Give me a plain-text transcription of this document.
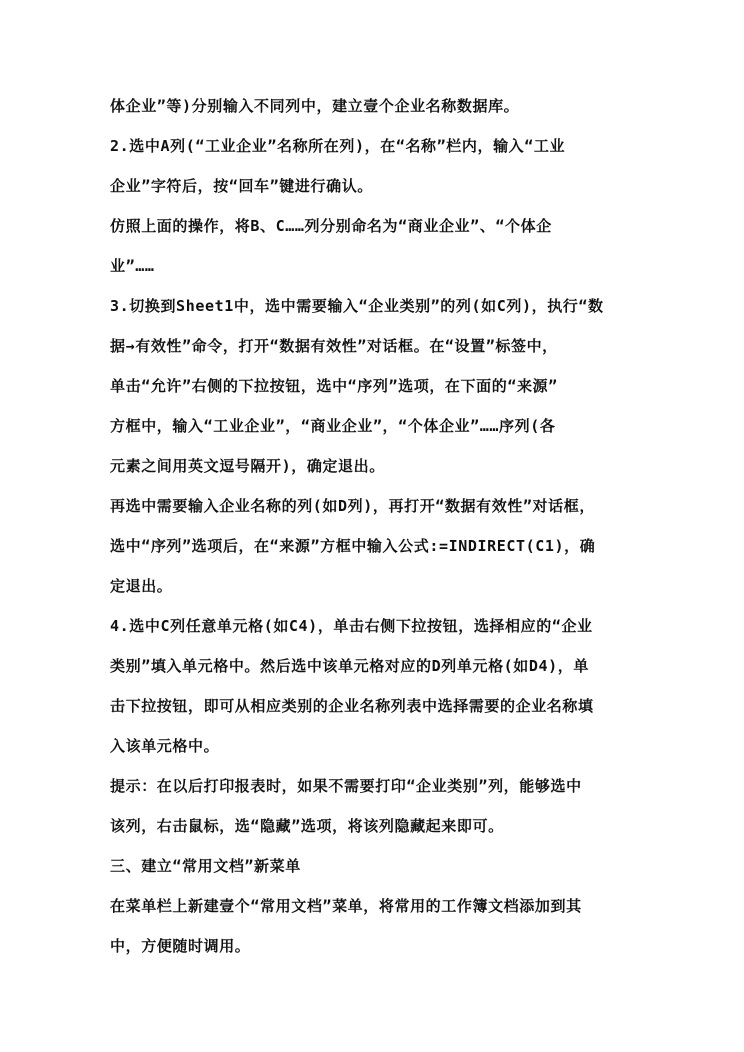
体企业”等)分别输入不同列中，建立壹个企业名称数据库。
2.选中A列(“工业企业”名称所在列)，在“名称”栏内，输入“工业
企业”字符后，按“回车”键进行确认。
仿照上面的操作，将B、C……列分别命名为“商业企业”、“个体企
业”……
3.切换到Sheet1中，选中需要输入“企业类别”的列(如C列)，执行“数
据→有效性”命令，打开“数据有效性”对话框。在“设置”标签中，
单击“允许”右侧的下拉按钮，选中“序列”选项，在下面的“来源”
方框中，输入“工业企业”，“商业企业”，“个体企业”……序列(各
元素之间用英文逗号隔开)，确定退出。
再选中需要输入企业名称的列(如D列)，再打开“数据有效性”对话框，
选中“序列”选项后，在“来源”方框中输入公式:=INDIRECT(C1)，确
定退出。
4.选中C列任意单元格(如C4)，单击右侧下拉按钮，选择相应的“企业
类别”填入单元格中。然后选中该单元格对应的D列单元格(如D4)，单
击下拉按钮，即可从相应类别的企业名称列表中选择需要的企业名称填
入该单元格中。
提示：在以后打印报表时，如果不需要打印“企业类别”列，能够选中
该列，右击鼠标，选“隐藏”选项，将该列隐藏起来即可。
三、建立“常用文档”新菜单
在菜单栏上新建壹个“常用文档”菜单，将常用的工作簿文档添加到其
中，方便随时调用。
